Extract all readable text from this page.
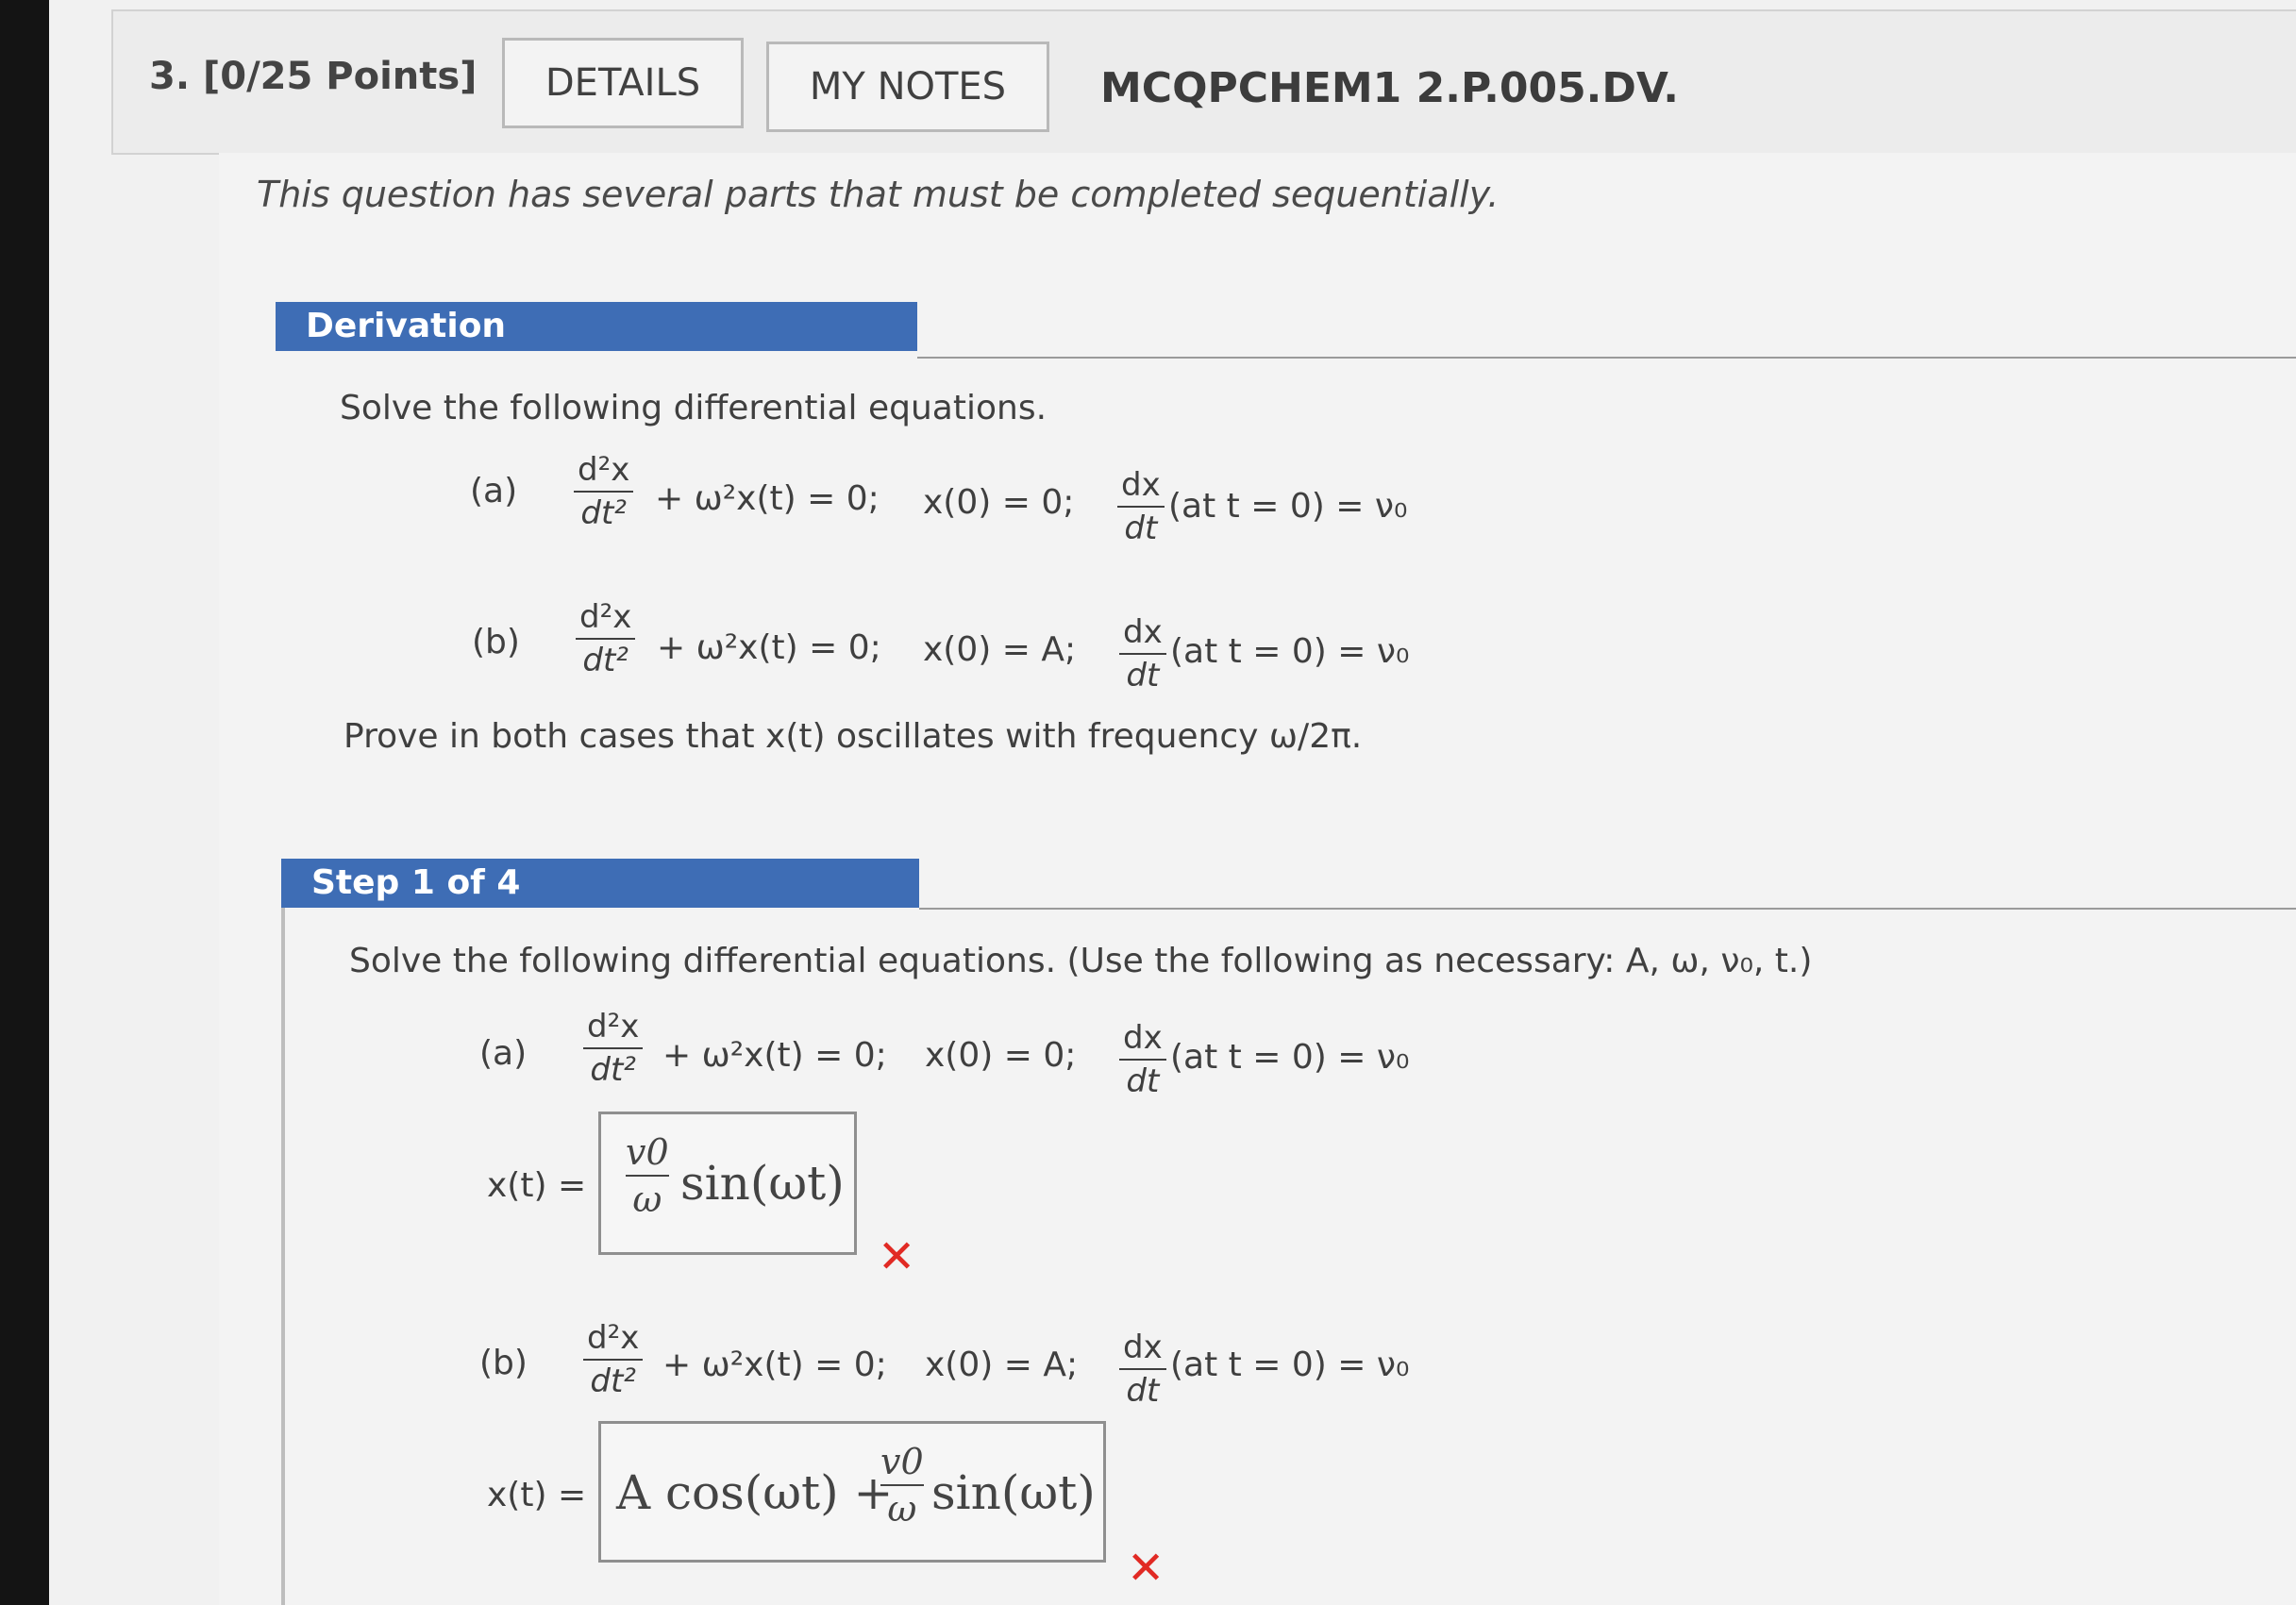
3. [0/25 Points]	DETAILS	MY NOTES	MCQPCHEM1 2.P.005.DV.
This question has several parts that must be completed sequentially.
Derivation
Solve the following differential equations.
(a)
d²x
dt² + ω²x(t) = 0; x(0) = 0; dx
dt
(at t = 0) = ν₀
(b)
d²x
dt² + ω²x(t) = 0; x(0) = A; dx
dt
(at t = 0) = ν₀
Prove in both cases that x(t) oscillates with frequency ω/2π.
Step 1 of 4
Solve the following differential equations. (Use the following as necessary: A, ω, ν₀, t.)
(a)
d²x
dt² + ω²x(t) = 0; x(0) = 0; dx
dt
(at t = 0) = ν₀
x(t) =
v0
ω sin(ωt)
✕
(b)
d²x
dt² + ω²x(t) = 0; x(0) = A; dx
dt
(at t = 0) = ν₀
x(t) = A cos(ωt) +
v0
ω sin(ωt)
✕
